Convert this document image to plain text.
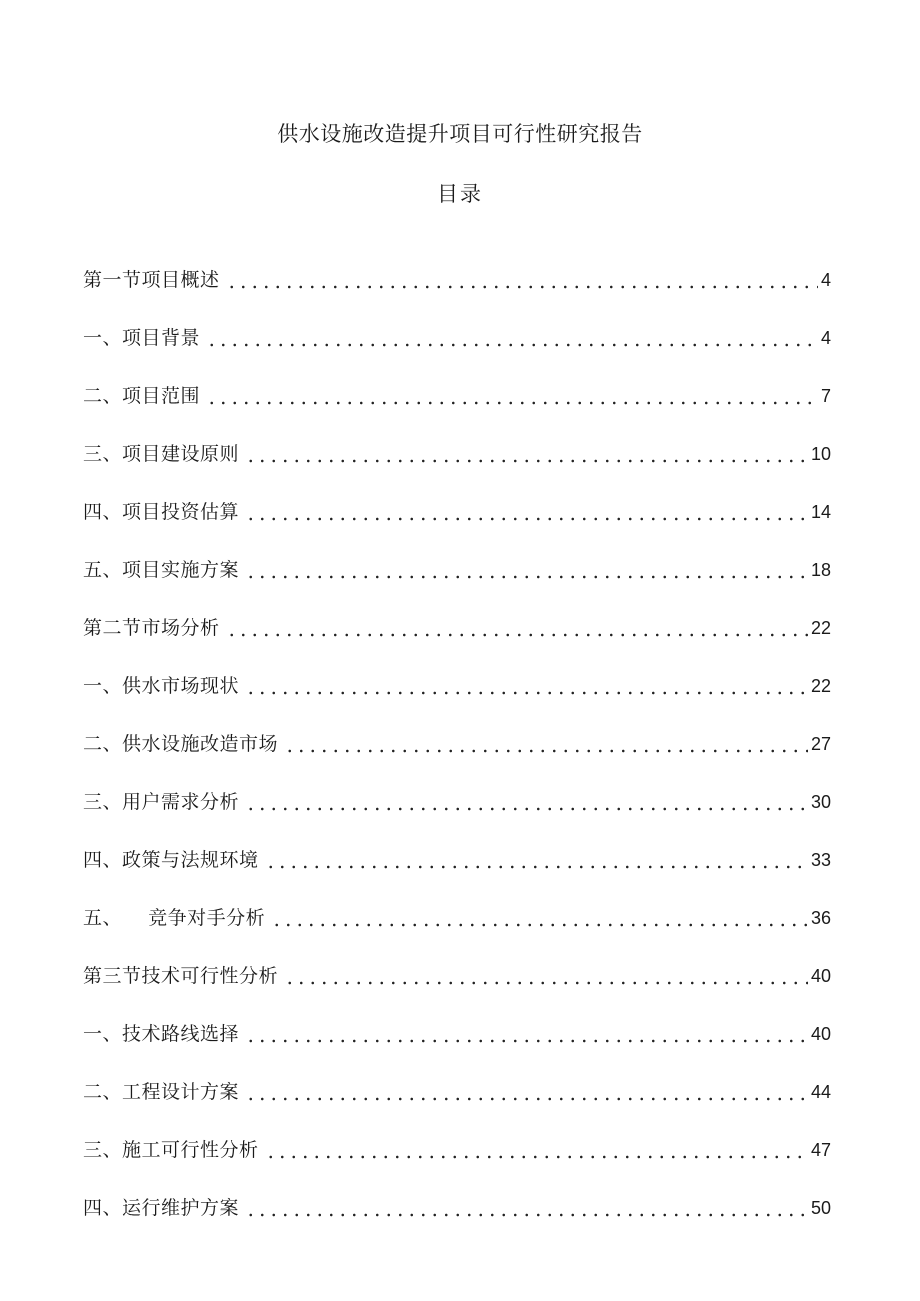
供水设施改造提升项目可行性研究报告
目录
第一节项目概述	4
一、项目背景	4
二、项目范围	7
三、项目建设原则	10
四、项目投资估算	14
五、项目实施方案	18
第二节市场分析	22
一、供水市场现状	22
二、供水设施改造市场	27
三、用户需求分析	30
四、政策与法规环境	33
五、    竞争对手分析	36
第三节技术可行性分析	40
一、技术路线选择	40
二、工程设计方案	44
三、施工可行性分析	47
四、运行维护方案	50
